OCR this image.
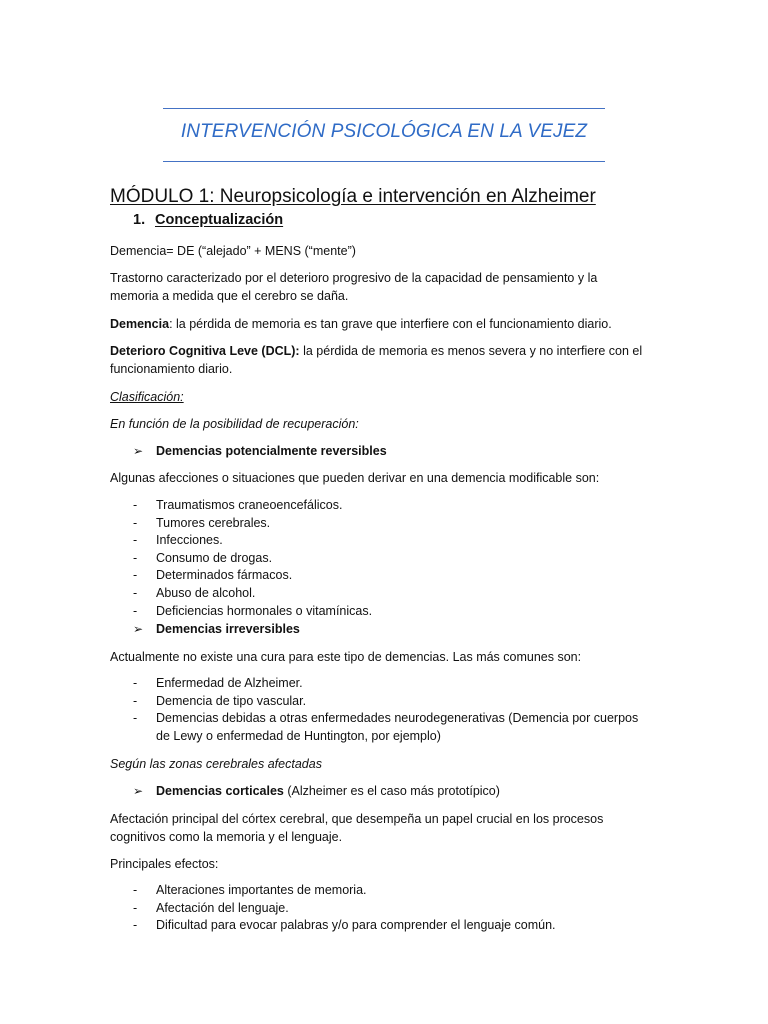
INTERVENCIÓN PSICOLÓGICA EN LA VEJEZ
MÓDULO 1: Neuropsicología e intervención en Alzheimer
1. Conceptualización
Demencia= DE (“alejado” + MENS (“mente”)
Trastorno caracterizado por el deterioro progresivo de la capacidad de pensamiento y la
memoria a medida que el cerebro se daña.
Demencia: la pérdida de memoria es tan grave que interfiere con el funcionamiento diario.
Deterioro Cognitiva Leve (DCL): la pérdida de memoria es menos severa y no interfiere con el
funcionamiento diario.
Clasificación:
En función de la posibilidad de recuperación:
➢ Demencias potencialmente reversibles
Algunas afecciones o situaciones que pueden derivar en una demencia modificable son:
- Traumatismos craneoencefálicos.
- Tumores cerebrales.
- Infecciones.
- Consumo de drogas.
- Determinados fármacos.
- Abuso de alcohol.
- Deficiencias hormonales o vitamínicas.
➢ Demencias irreversibles
Actualmente no existe una cura para este tipo de demencias. Las más comunes son:
- Enfermedad de Alzheimer.
- Demencia de tipo vascular.
- Demencias debidas a otras enfermedades neurodegenerativas (Demencia por cuerpos
de Lewy o enfermedad de Huntington, por ejemplo)
Según las zonas cerebrales afectadas
➢ Demencias corticales (Alzheimer es el caso más prototípico)
Afectación principal del córtex cerebral, que desempeña un papel crucial en los procesos
cognitivos como la memoria y el lenguaje.
Principales efectos:
- Alteraciones importantes de memoria.
- Afectación del lenguaje.
- Dificultad para evocar palabras y/o para comprender el lenguaje común.
